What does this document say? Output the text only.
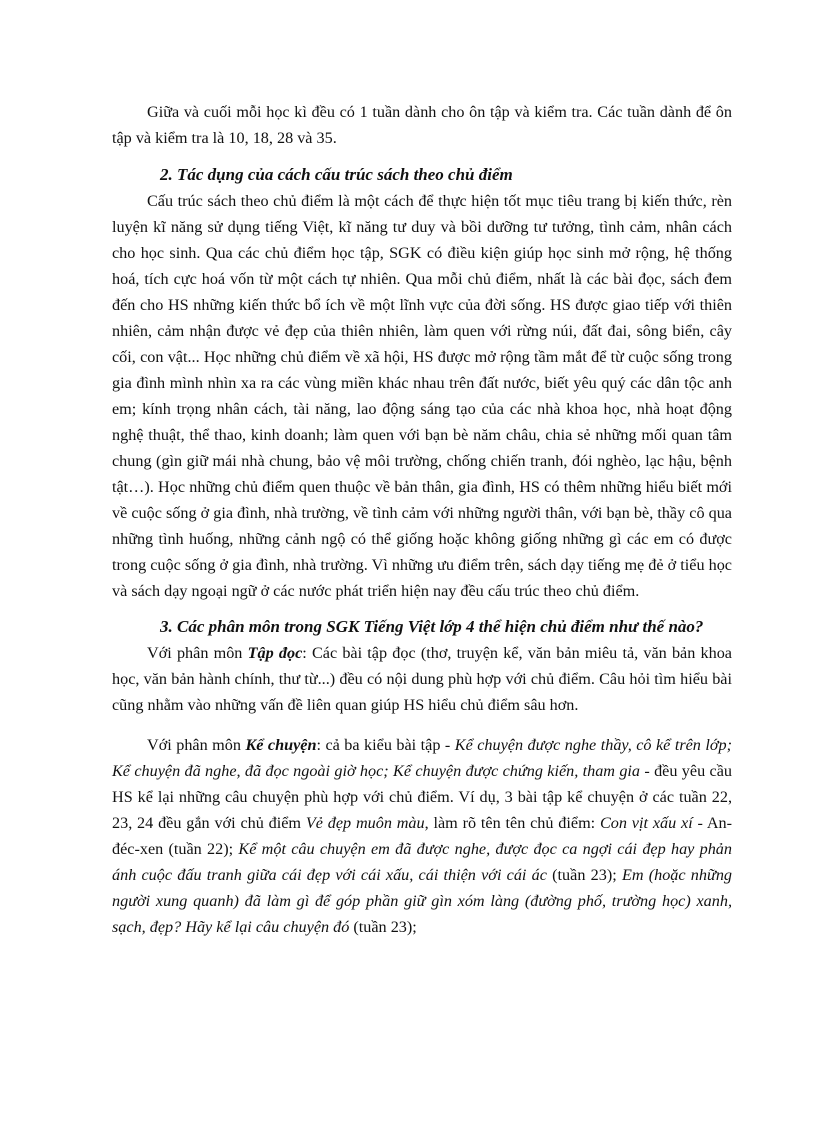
Giữa và cuối mỗi học kì đều có 1 tuần dành cho ôn tập và kiểm tra. Các tuần dành để ôn tập và kiểm tra là 10, 18, 28 và 35.

2. Tác dụng của cách cấu trúc sách theo chủ điểm

Cấu trúc sách theo chủ điểm là một cách để thực hiện tốt mục tiêu trang bị kiến thức, rèn luyện kĩ năng sử dụng tiếng Việt, kĩ năng tư duy và bồi dưỡng tư tưởng, tình cảm, nhân cách cho học sinh. Qua các chủ điểm học tập, SGK có điều kiện giúp học sinh mở rộng, hệ thống hoá, tích cực hoá vốn từ một cách tự nhiên. Qua mỗi chủ điểm, nhất là các bài đọc, sách đem đến cho HS những kiến thức bổ ích về một lĩnh vực của đời sống. HS được giao tiếp với thiên nhiên, cảm nhận được vẻ đẹp của thiên nhiên, làm quen với rừng núi, đất đai, sông biển, cây cối, con vật... Học những chủ điểm về xã hội, HS được mở rộng tầm mắt để từ cuộc sống trong gia đình mình nhìn xa ra các vùng miền khác nhau trên đất nước, biết yêu quý các dân tộc anh em; kính trọng nhân cách, tài năng, lao động sáng tạo của các nhà khoa học, nhà hoạt động nghệ thuật, thể thao, kinh doanh; làm quen với bạn bè năm châu, chia sẻ những mối quan tâm chung (gìn giữ mái nhà chung, bảo vệ môi trường, chống chiến tranh, đói nghèo, lạc hậu, bệnh tật…). Học những chủ điểm quen thuộc về bản thân, gia đình, HS có thêm những hiểu biết mới về cuộc sống ở gia đình, nhà trường, về tình cảm với những người thân, với bạn bè, thầy cô qua những tình huống, những cảnh ngộ có thể giống hoặc không giống những gì các em có được trong cuộc sống ở gia đình, nhà trường. Vì những ưu điểm trên, sách dạy tiếng mẹ đẻ ở tiểu học và sách dạy ngoại ngữ ở các nước phát triển hiện nay đều cấu trúc theo chủ điểm.

3. Các phân môn trong SGK Tiếng Việt lớp 4 thể hiện chủ điểm như thế nào?

Với phân môn Tập đọc: Các bài tập đọc (thơ, truyện kể, văn bản miêu tả, văn bản khoa học, văn bản hành chính, thư từ...) đều có nội dung phù hợp với chủ điểm. Câu hỏi tìm hiểu bài cũng nhằm vào những vấn đề liên quan giúp HS hiểu chủ điểm sâu hơn.

Với phân môn Kể chuyện: cả ba kiểu bài tập - Kể chuyện được nghe thầy, cô kể trên lớp; Kể chuyện đã nghe, đã đọc ngoài giờ học; Kể chuyện được chứng kiến, tham gia - đều yêu cầu HS kể lại những câu chuyện phù hợp với chủ điểm. Ví dụ, 3 bài tập kể chuyện ở các tuần 22, 23, 24 đều gắn với chủ điểm Vẻ đẹp muôn màu, làm rõ tên tên chủ điểm: Con vịt xấu xí - An-đéc-xen (tuần 22); Kể một câu chuyện em đã được nghe, được đọc ca ngợi cái đẹp hay phản ánh cuộc đấu tranh giữa cái đẹp với cái xấu, cái thiện với cái ác (tuần 23); Em (hoặc những người xung quanh) đã làm gì để góp phần giữ gìn xóm làng (đường phố, trường học) xanh, sạch, đẹp? Hãy kể lại câu chuyện đó (tuần 23);
